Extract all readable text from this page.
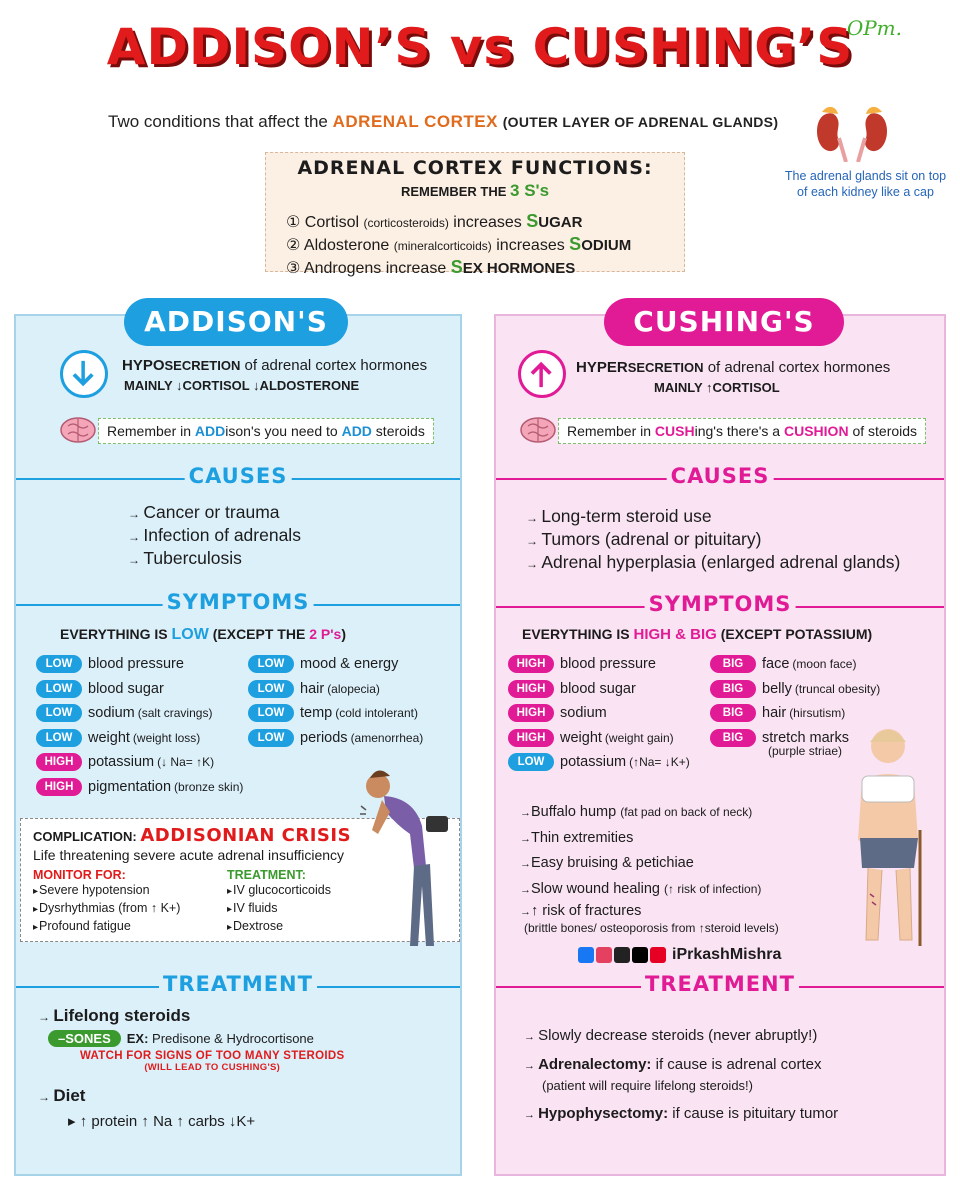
ADDISON’S vs CUSHING’S
OPm.
Two conditions that affect the ADRENAL CORTEX (OUTER LAYER OF ADRENAL GLANDS)
The adrenal glands sit on top of each kidney like a cap
ADRENAL CORTEX FUNCTIONS:
REMEMBER THE 3 S's
① Cortisol (corticosteroids) increases SUGAR
② Aldosterone (mineralcorticoids) increases SODIUM
③ Androgens increase SEX HORMONES
ADDISON'S
HYPOSECRETION of adrenal cortex hormones
MAINLY ↓CORTISOL ↓ALDOSTERONE
Remember in ADDison's you need to ADD steroids
CAUSES
→ Cancer or trauma
→ Infection of adrenals
→ Tuberculosis
SYMPTOMS
EVERYTHING IS LOW (EXCEPT THE 2 P's)
LOW	blood pressure
LOW	blood sugar
LOW	sodium (salt cravings)
LOW	weight (weight loss)
HIGH	potassium (↓ Na= ↑K)
HIGH	pigmentation (bronze skin)
LOW	mood & energy
LOW	hair (alopecia)
LOW	temp (cold intolerant)
LOW	periods (amenorrhea)
COMPLICATION: ADDISONIAN CRISIS
Life threatening severe acute adrenal insufficiency
MONITOR FOR:
▸ Severe hypotension
▸ Dysrhythmias (from ↑ K+)
▸ Profound fatigue
TREATMENT:
▸ IV glucocorticoids
▸ IV fluids
▸ Dextrose
TREATMENT
→ Lifelong steroids
–SONES EX: Predisone & Hydrocortisone
WATCH FOR SIGNS OF TOO MANY STEROIDS
(WILL LEAD TO CUSHING'S)
→ Diet
▸ ↑ protein ↑ Na ↑ carbs ↓K+
CUSHING'S
HYPERSECRETION of adrenal cortex hormones
MAINLY ↑CORTISOL
Remember in CUSHing's there's a CUSHION of steroids
CAUSES
→ Long-term steroid use
→ Tumors (adrenal or pituitary)
→ Adrenal hyperplasia (enlarged adrenal glands)
SYMPTOMS
EVERYTHING IS HIGH & BIG (EXCEPT POTASSIUM)
HIGH	blood pressure
HIGH	blood sugar
HIGH	sodium
HIGH	weight (weight gain)
LOW	potassium (↑Na= ↓K+)
BIG	face (moon face)
BIG	belly (truncal obesity)
BIG	hair (hirsutism)
BIG	stretch marks
(purple striae)
→ Buffalo hump (fat pad on back of neck)
→ Thin extremities
→ Easy bruising & petichiae
→ Slow wound healing (↑ risk of infection)
→ ↑ risk of fractures
(brittle bones/ osteoporosis from ↑steroid levels)
iPrkashMishra
TREATMENT
→ Slowly decrease steroids (never abruptly!)
→ Adrenalectomy: if cause is adrenal cortex
(patient will require lifelong steroids!)
→ Hypophysectomy: if cause is pituitary tumor
